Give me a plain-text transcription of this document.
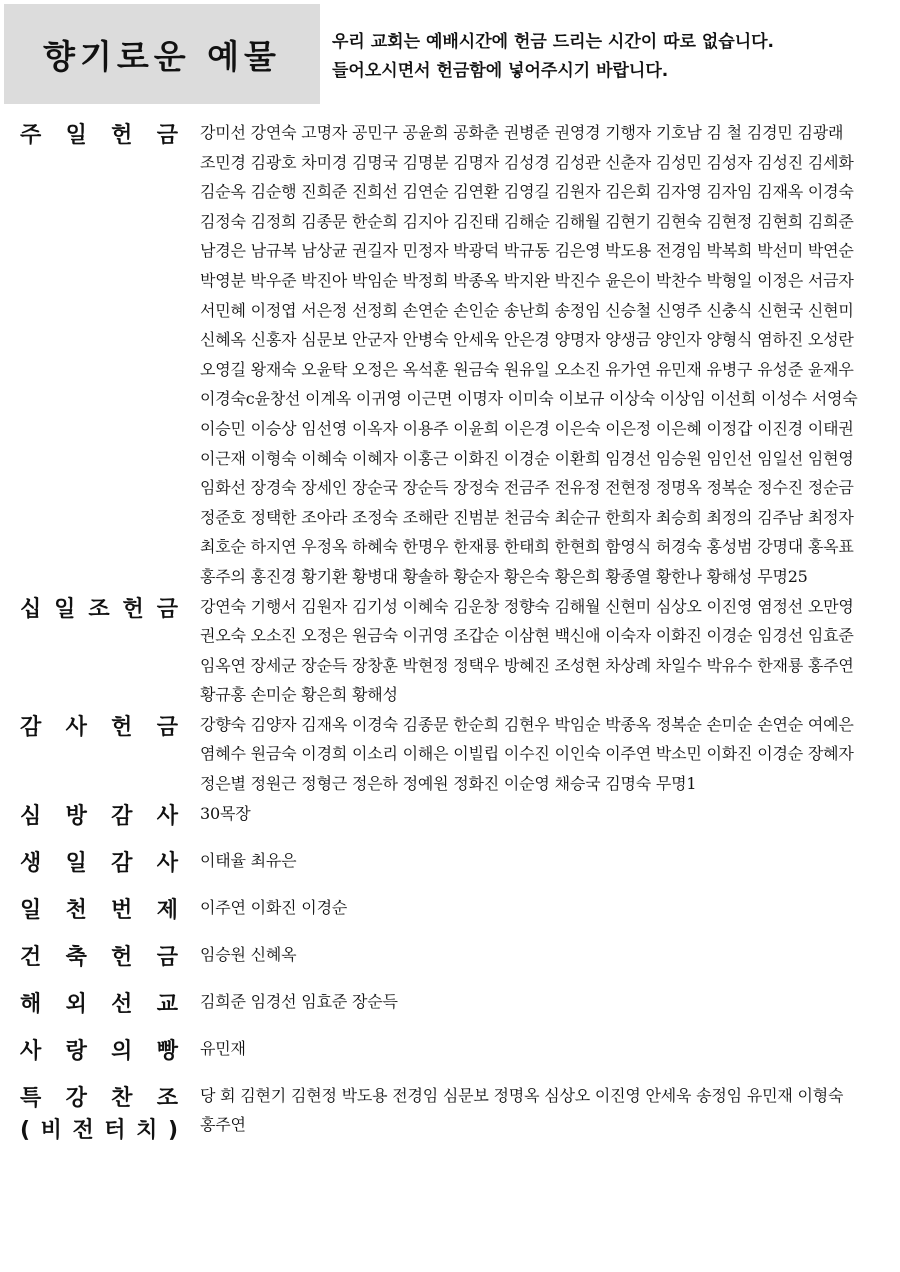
향기로운 예물	우리 교회는 예배시간에 헌금 드리는 시간이 따로 없습니다.
들어오시면서 헌금함에 넣어주시기 바랍니다.
주 일 헌 금 강미선 강연숙 고명자 공민구 공윤희 공화춘 권병준 권영경 기행자 기호남 김 철 김경민 김광래 조민경 김광호 차미경 김명국 김명분 김명자 김성경 김성관 신춘자 김성민 김성자 김성진 김세화 김순옥 김순행 진희준 진희선 김연순 김연환 김영길 김원자 김은회 김자영 김자임 김재옥 이경숙 김정숙 김정희 김종문 한순희 김지아 김진태 김해순 김해월 김현기 김현숙 김현정 김현희 김희준 남경은 남규복 남상균 권길자 민정자 박광덕 박규동 김은영 박도용 전경임 박복희 박선미 박연순 박영분 박우준 박진아 박임순 박정희 박종옥 박지완 박진수 윤은이 박찬수 박형일 이정은 서금자 서민혜 이정엽 서은정 선정희 손연순 손인순 송난희 송정임 신승철 신영주 신충식 신현국 신현미 신혜옥 신홍자 심문보 안군자 안병숙 안세욱 안은경 양명자 양생금 양인자 양형식 염하진 오성란 오영길 왕재숙 오윤탁 오정은 옥석훈 원금숙 원유일 오소진 유가연 유민재 유병구 유성준 윤재우 이경숙c윤창선 이계옥 이귀영 이근면 이명자 이미숙 이보규 이상숙 이상임 이선희 이성수 서영숙 이승민 이승상 임선영 이옥자 이용주 이윤희 이은경 이은숙 이은정 이은혜 이정갑 이진경 이태권 이근재 이형숙 이혜숙 이혜자 이홍근 이화진 이경순 이환희 임경선 임승원 임인선 임일선 임현영 임화선 장경숙 장세인 장순국 장순득 장정숙 전금주 전유정 전현정 정명옥 정복순 정수진 정순금 정준호 정택한 조아라 조정숙 조해란 진범분 천금숙 최순규 한희자 최승희 최정의 김주남 최정자 최호순 하지연 우정옥 하혜숙 한명우 한재룡 한태희 한현희 함영식 허경숙 홍성범 강명대 홍옥표 홍주의 홍진경 황기환 황병대 황솔하 황순자 황은숙 황은희 황종열 황한나 황해성 무명25
십 일 조 헌 금 강연숙 기행서 김원자 김기성 이혜숙 김운창 정향숙 김해월 신현미 심상오 이진영 염정선 오만영 권오숙 오소진 오정은 원금숙 이귀영 조갑순 이삼현 백신애 이숙자 이화진 이경순 임경선 임효준 임옥연 장세군 장순득 장창훈 박현정 정택우 방혜진 조성현 차상례 차일수 박유수 한재룡 홍주연 황규홍 손미순 황은희 황해성
감 사 헌 금 강향숙 김양자 김재옥 이경숙 김종문 한순희 김현우 박임순 박종옥 정복순 손미순 손연순 여예은 염혜수 원금숙 이경희 이소리 이해은 이빌립 이수진 이인숙 이주연 박소민 이화진 이경순 장혜자 정은별 정원근 정형근 정은하 정예원 정화진 이순영 채승국 김명숙 무명1
심 방 감 사 30목장
생 일 감 사 이태율 최유은
일 천 번 제 이주연 이화진 이경순
건 축 헌 금 임승원 신혜옥
해 외 선 교 김희준 임경선 임효준 장순득
사 랑 의 빵 유민재
특 강 찬 조
( 비 전 터 치 )
당 회 김현기 김현정 박도용 전경임 심문보 정명옥 심상오 이진영 안세욱 송정임 유민재 이형숙 홍주연
